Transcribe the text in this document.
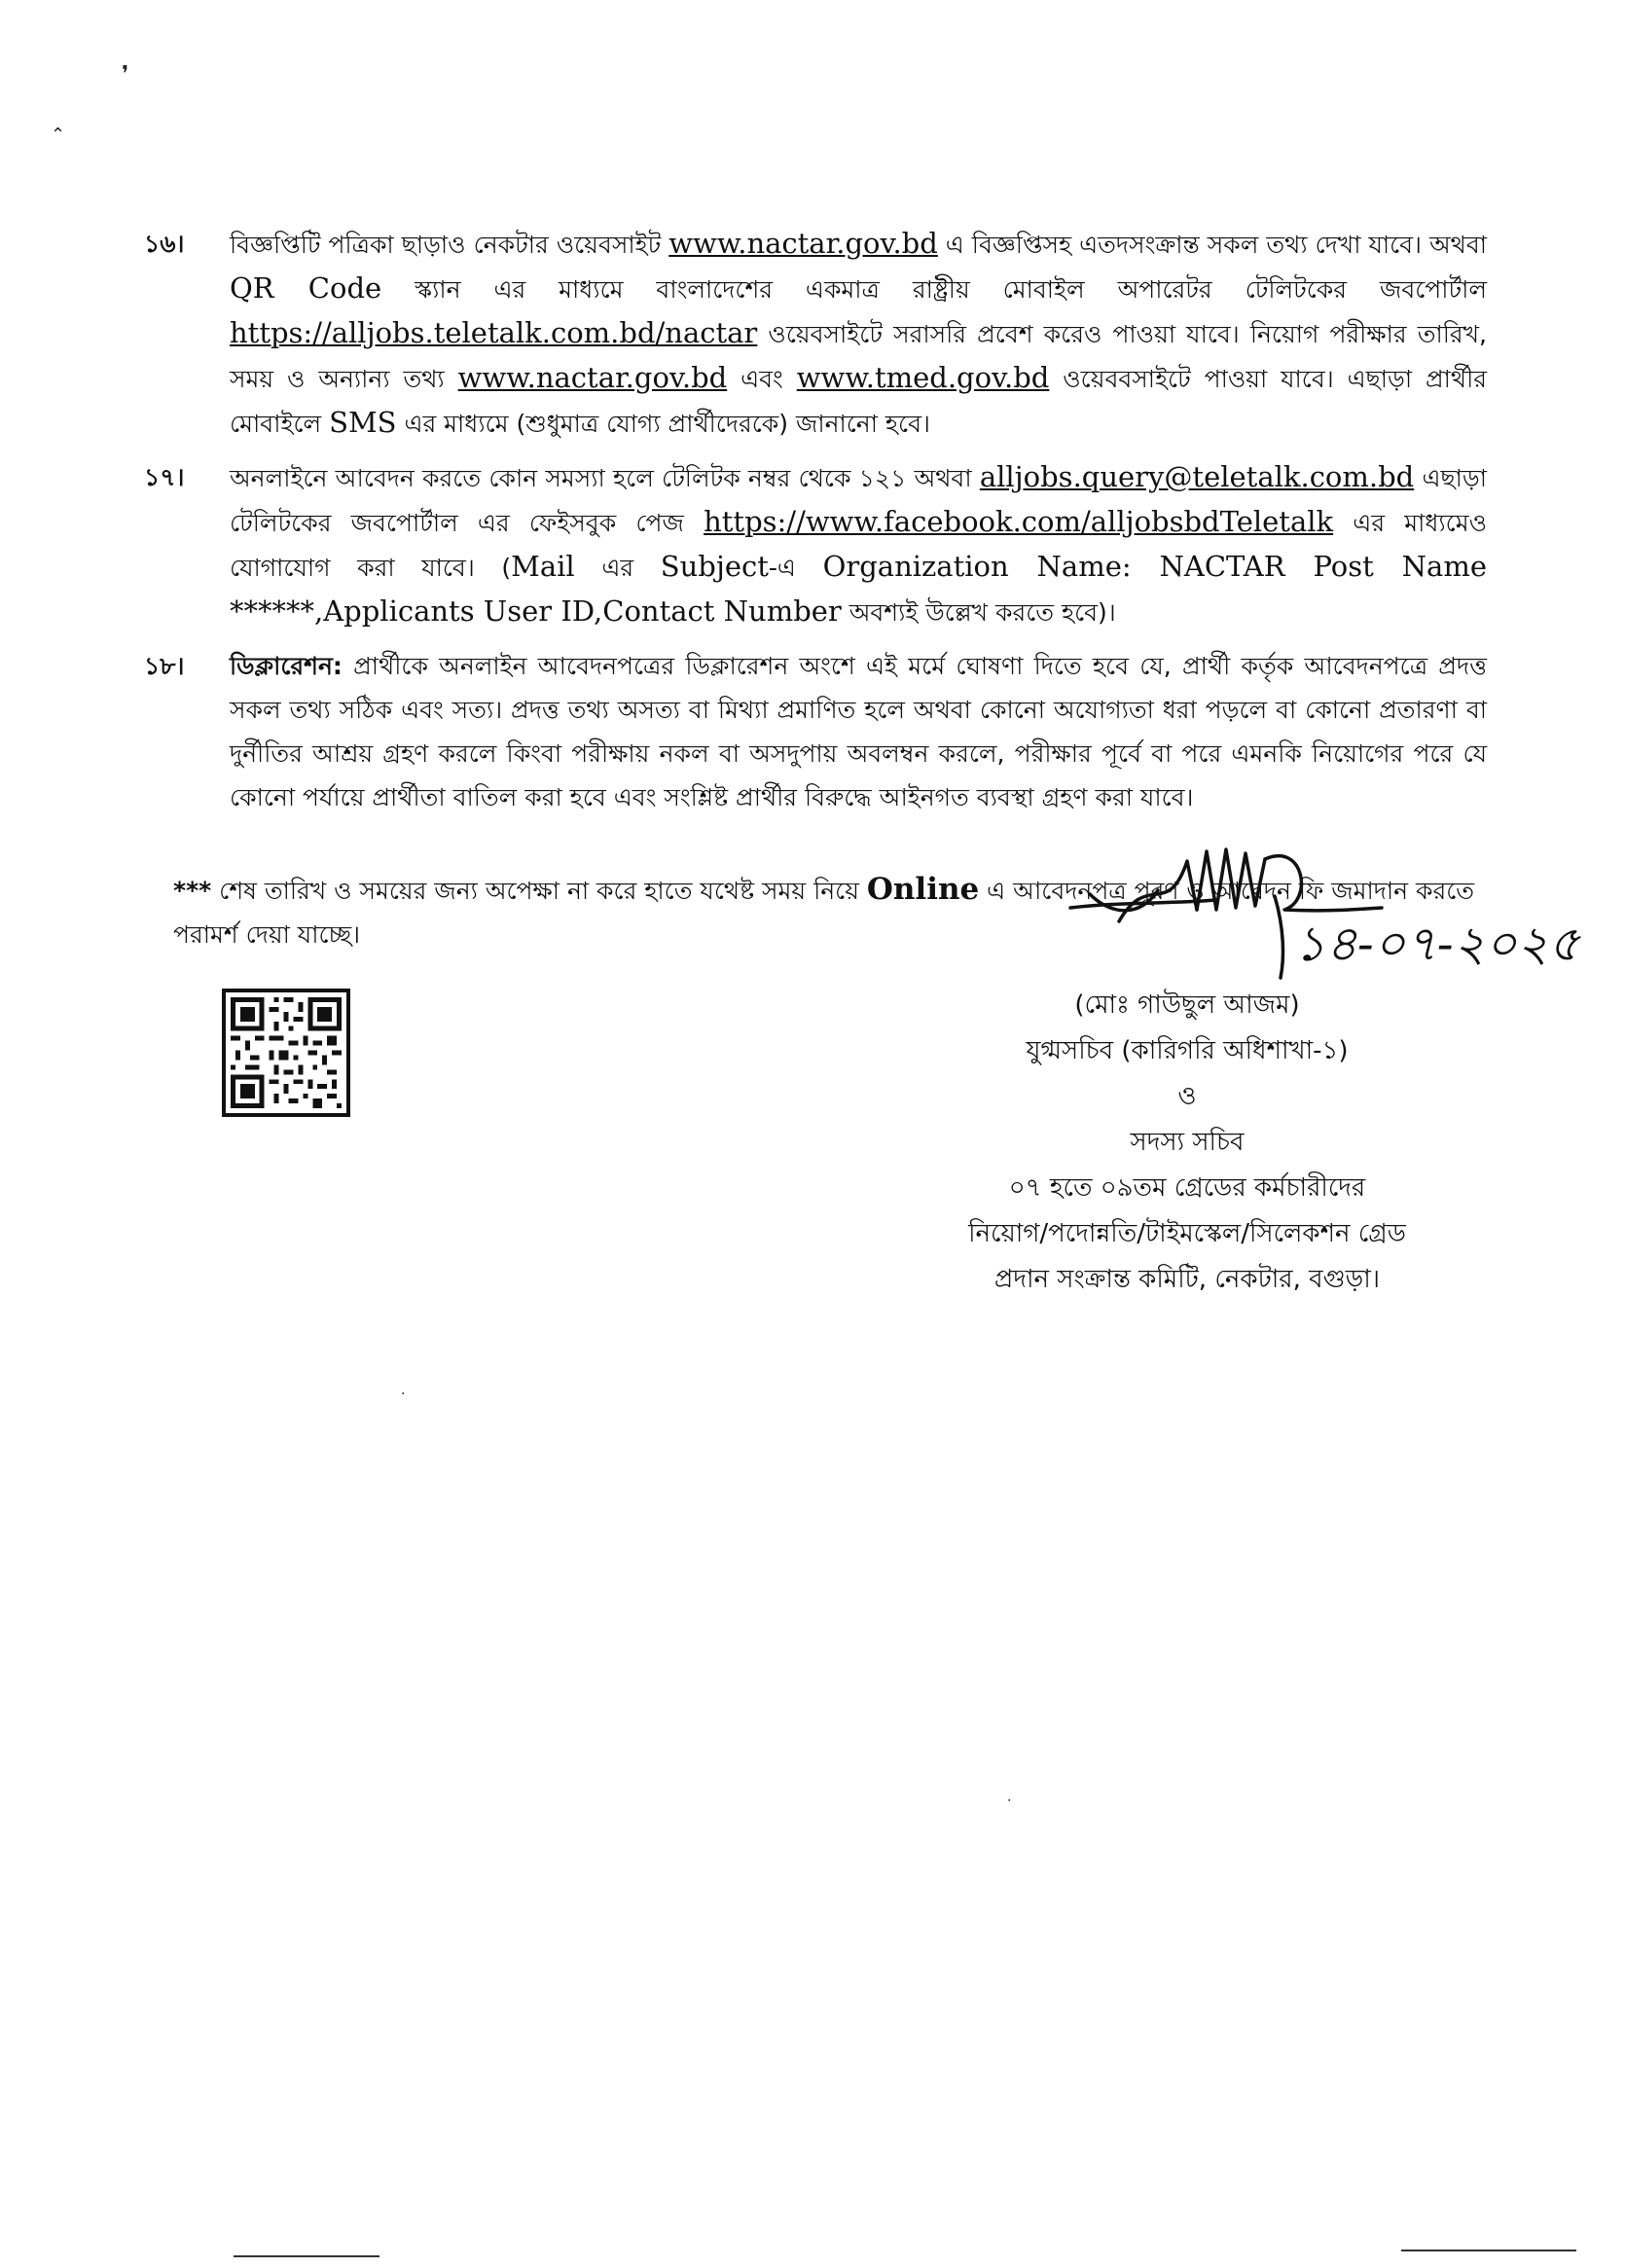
❜
⌃
১৬। বিজ্ঞপ্তিটি পত্রিকা ছাড়াও নেকটার ওয়েবসাইট www.nactar.gov.bd এ বিজ্ঞপ্তিসহ এতদসংক্রান্ত সকল তথ্য দেখা যাবে। অথবা QR Code স্ক্যান এর মাধ্যমে বাংলাদেশের একমাত্র রাষ্ট্রীয় মোবাইল অপারেটর টেলিটকের জবপোর্টাল https://alljobs.teletalk.com.bd/nactar ওয়েবসাইটে সরাসরি প্রবেশ করেও পাওয়া যাবে। নিয়োগ পরীক্ষার তারিখ, সময় ও অন্যান্য তথ্য www.nactar.gov.bd এবং www.tmed.gov.bd ওয়েববসাইটে পাওয়া যাবে। এছাড়া প্রার্থীর মোবাইলে SMS এর মাধ্যমে (শুধুমাত্র যোগ্য প্রার্থীদেরকে) জানানো হবে।
১৭। অনলাইনে আবেদন করতে কোন সমস্যা হলে টেলিটক নম্বর থেকে ১২১ অথবা alljobs.query@teletalk.com.bd এছাড়া টেলিটকের জবপোর্টাল এর ফেইসবুক পেজ https://www.facebook.com/alljobsbdTeletalk এর মাধ্যমেও যোগাযোগ করা যাবে। (Mail এর Subject-এ Organization Name: NACTAR Post Name ******,Applicants User ID,Contact Number অবশ্যই উল্লেখ করতে হবে)।
১৮। ডিক্লারেশন: প্রার্থীকে অনলাইন আবেদনপত্রের ডিক্লারেশন অংশে এই মর্মে ঘোষণা দিতে হবে যে, প্রার্থী কর্তৃক আবেদনপত্রে প্রদত্ত সকল তথ্য সঠিক এবং সত্য। প্রদত্ত তথ্য অসত্য বা মিথ্যা প্রমাণিত হলে অথবা কোনো অযোগ্যতা ধরা পড়লে বা কোনো প্রতারণা বা দুর্নীতির আশ্রয় গ্রহণ করলে কিংবা পরীক্ষায় নকল বা অসদুপায় অবলম্বন করলে, পরীক্ষার পূর্বে বা পরে এমনকি নিয়োগের পরে যে কোনো পর্যায়ে প্রার্থীতা বাতিল করা হবে এবং সংশ্লিষ্ট প্রার্থীর বিরুদ্ধে আইনগত ব্যবস্থা গ্রহণ করা যাবে।
*** শেষ তারিখ ও সময়ের জন্য অপেক্ষা না করে হাতে যথেষ্ট সময় নিয়ে Online এ আবেদনপত্র পূরণ ও আবেদন ফি জমাদান করতে পরামর্শ দেয়া যাচ্ছে।	১৪-০৭-২০২৫
(মোঃ গাউছুল আজম)
যুগ্মসচিব (কারিগরি অধিশাখা-১)
ও
সদস্য সচিব
০৭ হতে ০৯তম গ্রেডের কর্মচারীদের
নিয়োগ/পদোন্নতি/টাইমস্কেল/সিলেকশন গ্রেড
প্রদান সংক্রান্ত কমিটি, নেকটার, বগুড়া।
·
·
